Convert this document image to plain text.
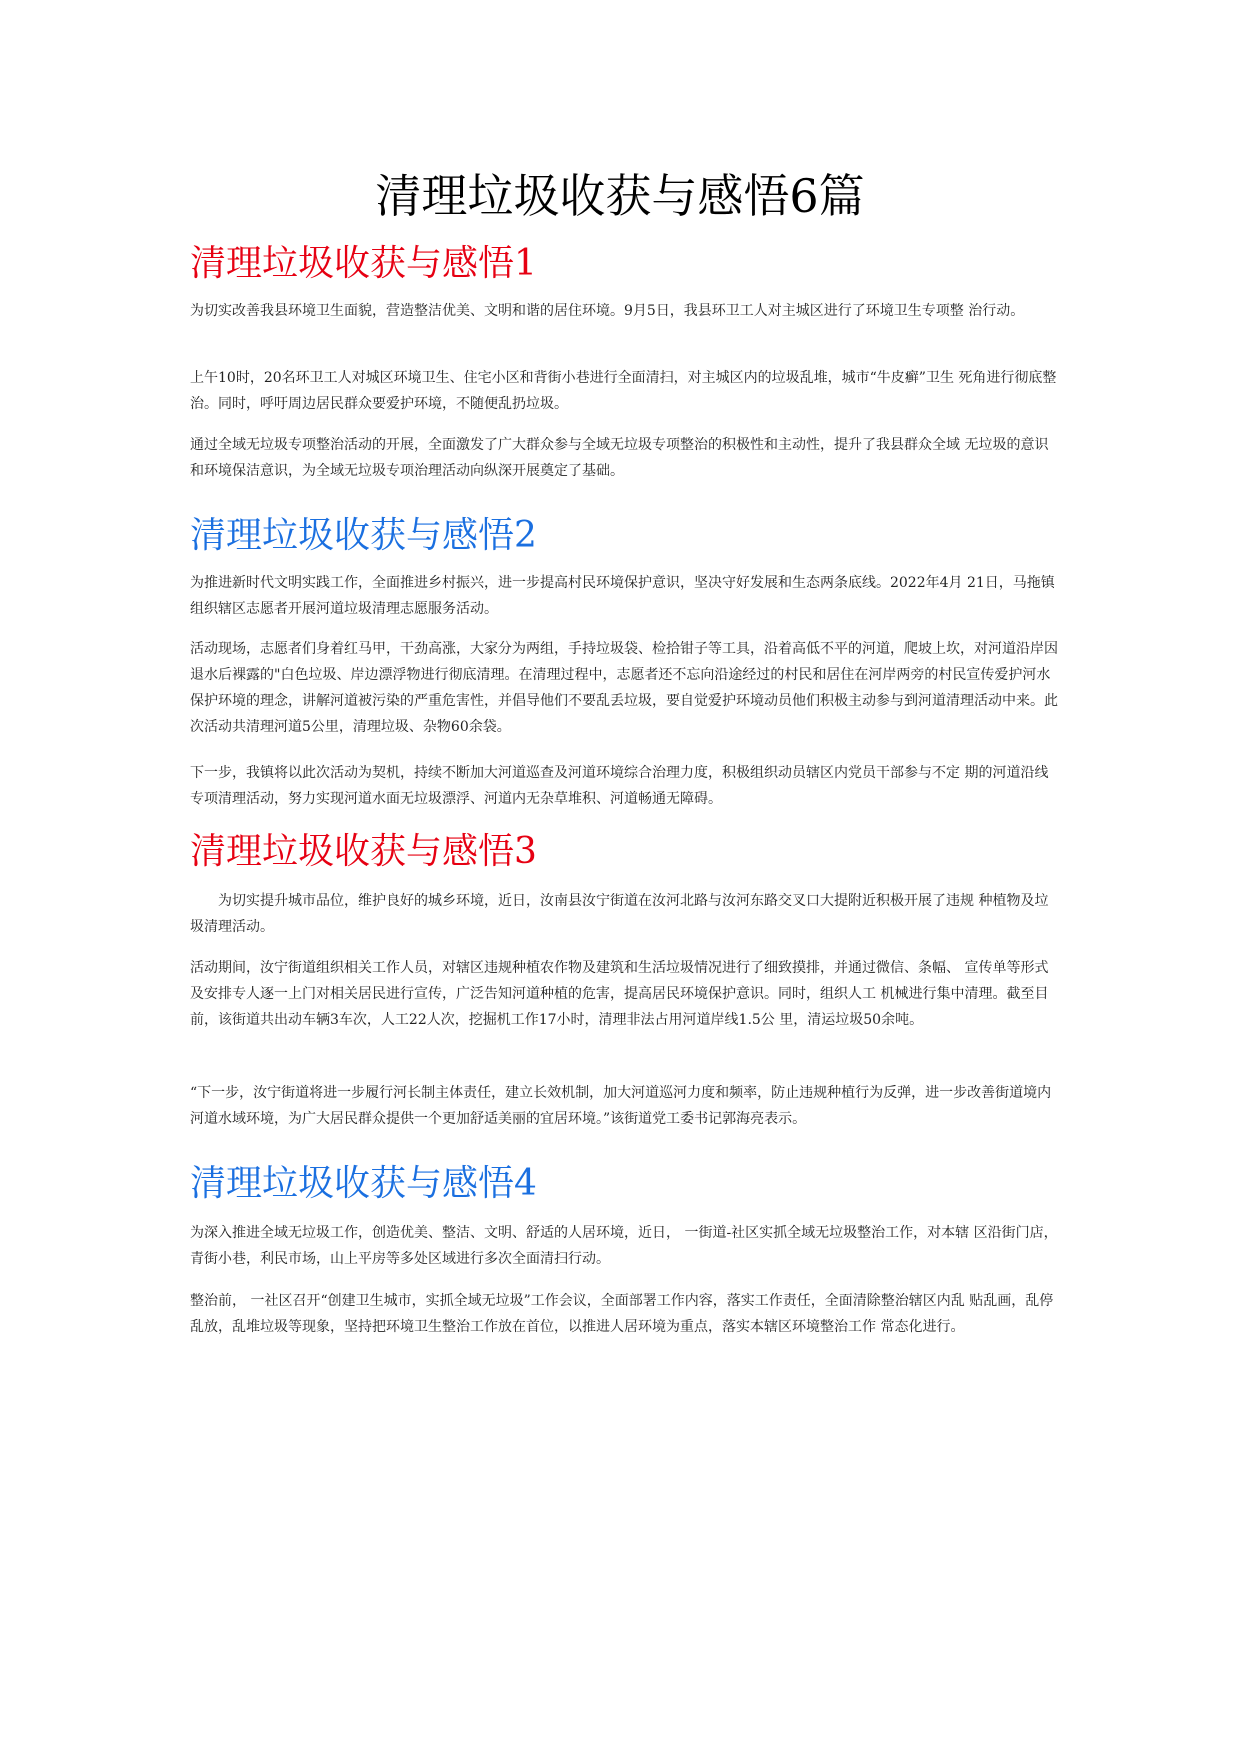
清理垃圾收获与感悟6篇
清理垃圾收获与感悟1

为切实改善我县环境卫生面貌，营造整洁优美、文明和谐的居住环境。9月5日，我县环卫工人对主城区进行了环境卫生专项整 治行动。

上午10时，20名环卫工人对城区环境卫生、住宅小区和背街小巷进行全面清扫，对主城区内的垃圾乱堆，城市“牛皮癣”卫生 死角进行彻底整治。同时，呼吁周边居民群众要爱护环境，不随便乱扔垃圾。

通过全域无垃圾专项整治活动的开展，全面激发了广大群众参与全域无垃圾专项整治的积极性和主动性，提升了我县群众全域 无垃圾的意识和环境保洁意识，为全域无垃圾专项治理活动向纵深开展奠定了基础。

清理垃圾收获与感悟2

为推进新时代文明实践工作，全面推进乡村振兴，进一步提高村民环境保护意识，坚决守好发展和生态两条底线。2022年4月 21日，马拖镇组织辖区志愿者开展河道垃圾清理志愿服务活动。

活动现场，志愿者们身着红马甲，干劲高涨，大家分为两组，手持垃圾袋、检拾钳子等工具，沿着高低不平的河道，爬坡上坎，对河道沿岸因退水后裸露的"白色垃圾、岸边漂浮物进行彻底清理。在清理过程中，志愿者还不忘向沿途经过的村民和居住在河岸两旁的村民宣传爱护河水保护环境的理念，讲解河道被污染的严重危害性，并倡导他们不要乱丢垃圾，要自觉爱护环境动员他们积极主动参与到河道清理活动中来。此次活动共清理河道5公里，清理垃圾、杂物60余袋。

下一步，我镇将以此次活动为契机，持续不断加大河道巡查及河道环境综合治理力度，积极组织动员辖区内党员干部参与不定 期的河道沿线专项清理活动，努力实现河道水面无垃圾漂浮、河道内无杂草堆积、河道畅通无障碍。

清理垃圾收获与感悟3

为切实提升城市品位，维护良好的城乡环境，近日，汝南县汝宁街道在汝河北路与汝河东路交叉口大提附近积极开展了违规 种植物及垃圾清理活动。

活动期间，汝宁街道组织相关工作人员，对辖区违规种植农作物及建筑和生活垃圾情况进行了细致摸排，并通过微信、条幅、 宣传单等形式及安排专人逐一上门对相关居民进行宣传，广泛告知河道种植的危害，提高居民环境保护意识。同时，组织人工 机械进行集中清理。截至目前，该街道共出动车辆3车次，人工22人次，挖掘机工作17小时，清理非法占用河道岸线1.5公 里，清运垃圾50余吨。

“下一步，汝宁街道将进一步履行河长制主体责任，建立长效机制，加大河道巡河力度和频率，防止违规种植行为反弹，进一步改善街道境内河道水域环境，为广大居民群众提供一个更加舒适美丽的宜居环境。”该街道党工委书记郭海亮表示。

清理垃圾收获与感悟4

为深入推进全域无垃圾工作，创造优美、整洁、文明、舒适的人居环境，近日， 一街道-社区实抓全域无垃圾整治工作，对本辖 区沿街门店，青街小巷，利民市场，山上平房等多处区域进行多次全面清扫行动。

整治前， 一社区召开“创建卫生城市，实抓全域无垃圾”工作会议，全面部署工作内容，落实工作责任，全面清除整治辖区内乱 贴乱画，乱停乱放，乱堆垃圾等现象，坚持把环境卫生整治工作放在首位，以推进人居环境为重点，落实本辖区环境整治工作 常态化进行。
